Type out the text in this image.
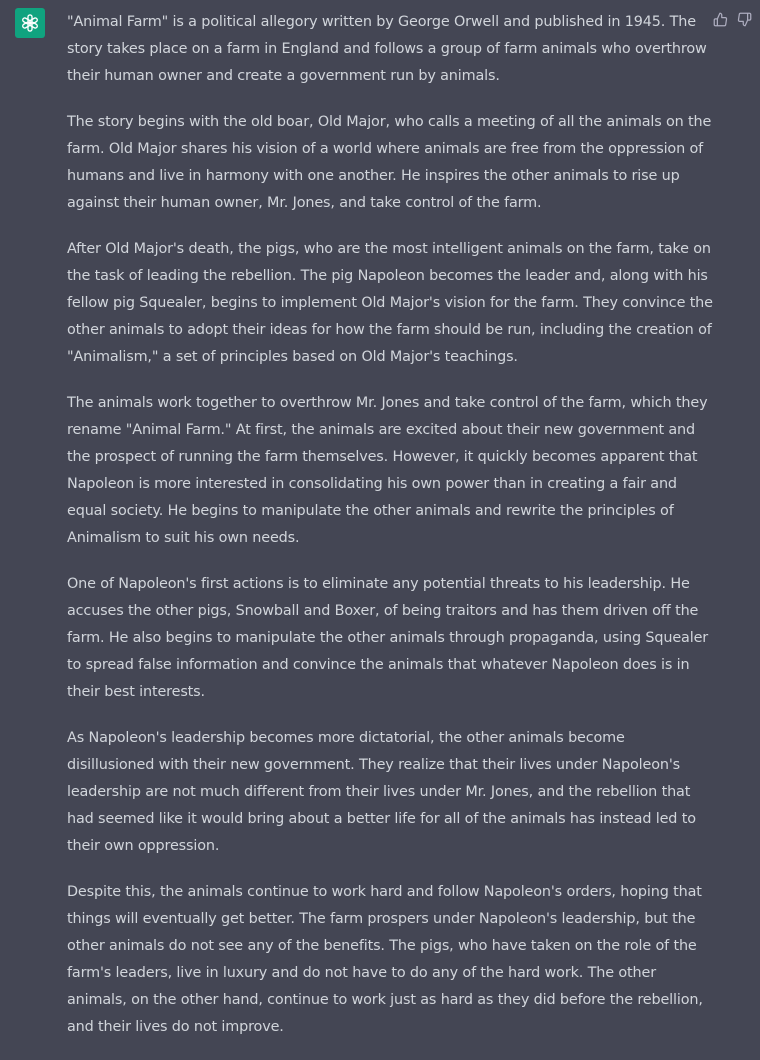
"Animal Farm" is a political allegory written by George Orwell and published in 1945. The story takes place on a farm in England and follows a group of farm animals who overthrow their human owner and create a government run by animals.

The story begins with the old boar, Old Major, who calls a meeting of all the animals on the farm. Old Major shares his vision of a world where animals are free from the oppression of humans and live in harmony with one another. He inspires the other animals to rise up against their human owner, Mr. Jones, and take control of the farm.

After Old Major's death, the pigs, who are the most intelligent animals on the farm, take on the task of leading the rebellion. The pig Napoleon becomes the leader and, along with his fellow pig Squealer, begins to implement Old Major's vision for the farm. They convince the other animals to adopt their ideas for how the farm should be run, including the creation of "Animalism," a set of principles based on Old Major's teachings.

The animals work together to overthrow Mr. Jones and take control of the farm, which they rename "Animal Farm." At first, the animals are excited about their new government and the prospect of running the farm themselves. However, it quickly becomes apparent that Napoleon is more interested in consolidating his own power than in creating a fair and equal society. He begins to manipulate the other animals and rewrite the principles of Animalism to suit his own needs.

One of Napoleon's first actions is to eliminate any potential threats to his leadership. He accuses the other pigs, Snowball and Boxer, of being traitors and has them driven off the farm. He also begins to manipulate the other animals through propaganda, using Squealer to spread false information and convince the animals that whatever Napoleon does is in their best interests.

As Napoleon's leadership becomes more dictatorial, the other animals become disillusioned with their new government. They realize that their lives under Napoleon's leadership are not much different from their lives under Mr. Jones, and the rebellion that had seemed like it would bring about a better life for all of the animals has instead led to their own oppression.

Despite this, the animals continue to work hard and follow Napoleon's orders, hoping that things will eventually get better. The farm prospers under Napoleon's leadership, but the other animals do not see any of the benefits. The pigs, who have taken on the role of the farm's leaders, live in luxury and do not have to do any of the hard work. The other animals, on the other hand, continue to work just as hard as they did before the rebellion, and their lives do not improve.
